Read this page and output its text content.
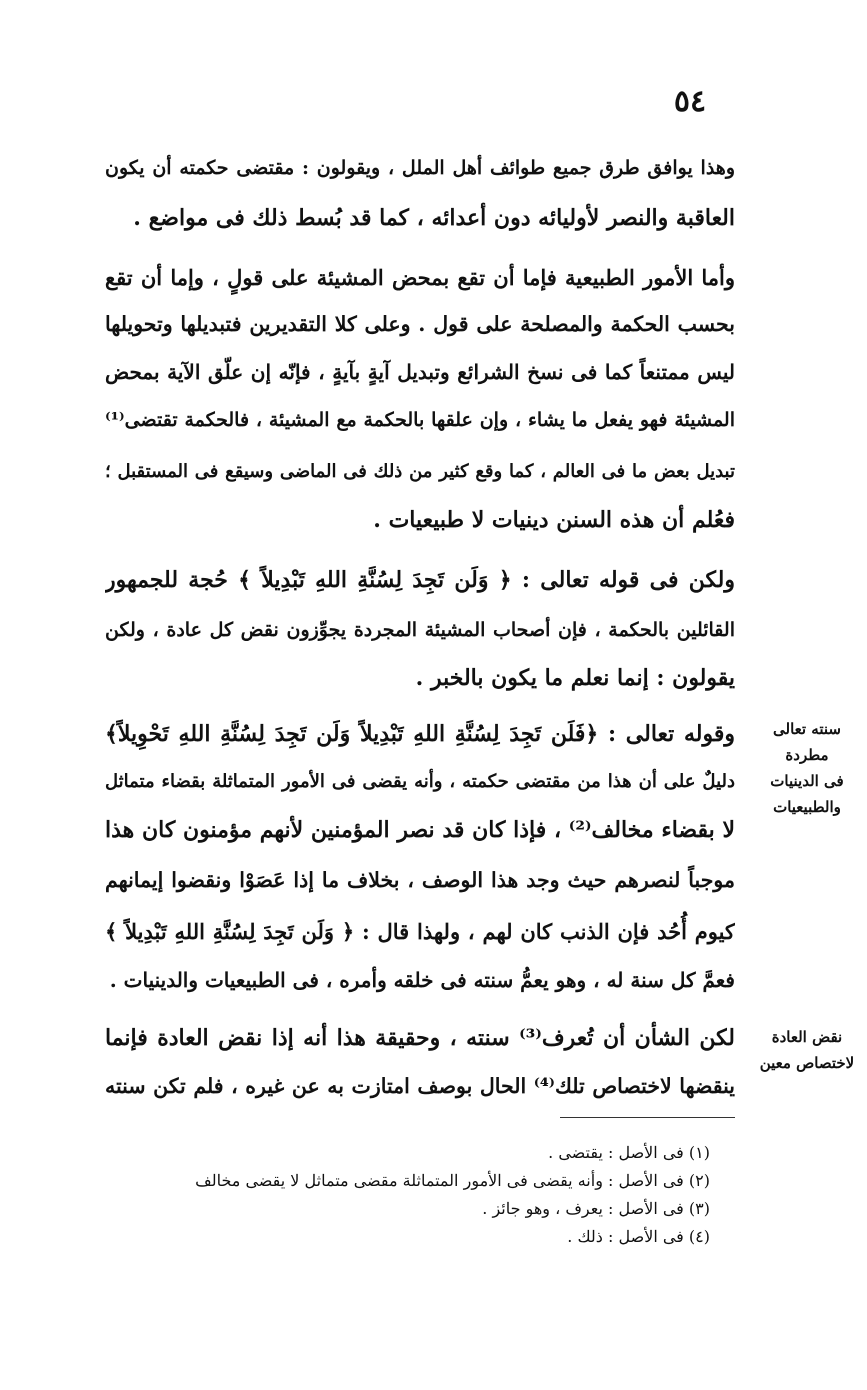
٥٤
وهذا يوافق طرق جميع طوائف أهل الملل ، ويقولون : مقتضى حكمته أن يكون
العاقبة والنصر لأوليائه دون أعدائه ، كما قد بُسط ذلك فى مواضع .
وأما الأمور الطبيعية فإما أن تقع بمحض المشيئة على قولٍ ، وإما أن تقع
بحسب الحكمة والمصلحة على قول . وعلى كلا التقديرين فتبديلها وتحويلها
ليس ممتنعاً كما فى نسخ الشرائع وتبديل آيةٍ بآيةٍ ، فإنّه إن علّق الآية بمحض
المشيئة فهو يفعل ما يشاء ، وإن علقها بالحكمة مع المشيئة ، فالحكمة تقتضى⁽¹⁾
تبديل بعض ما فى العالم ، كما وقع كثير من ذلك فى الماضى وسيقع فى المستقبل ؛
فعُلم أن هذه السنن دينيات لا طبيعيات .
ولكن فى قوله تعالى : ﴿ وَلَن تَجِدَ لِسُنَّةِ اللهِ تَبْدِيلاً ﴾ حُجة للجمهور
القائلين بالحكمة ، فإن أصحاب المشيئة المجردة يجوِّزون نقض كل عادة ، ولكن
يقولون : إنما نعلم ما يكون بالخبر .
وقوله تعالى : ﴿فَلَن تَجِدَ لِسُنَّةِ اللهِ تَبْدِيلاً وَلَن تَجِدَ لِسُنَّةِ اللهِ تَحْوِيلاً﴾
دليلٌ على أن هذا من مقتضى حكمته ، وأنه يقضى فى الأمور المتماثلة بقضاء متماثل
لا بقضاء مخالف⁽²⁾ ، فإذا كان قد نصر المؤمنين لأنهم مؤمنون كان هذا
موجباً لنصرهم حيث وجد هذا الوصف ، بخلاف ما إذا عَصَوْا ونقضوا إيمانهم
كيوم أُحُد فإن الذنب كان لهم ، ولهذا قال : ﴿ وَلَن تَجِدَ لِسُنَّةِ اللهِ تَبْدِيلاً ﴾
فعمَّ كل سنة له ، وهو يعمُّ سنته فى خلقه وأمره ، فى الطبيعيات والدينيات .
لكن الشأن أن تُعرف⁽³⁾ سنته ، وحقيقة هذا أنه إذا نقض العادة فإنما
ينقضها لاختصاص تلك⁽⁴⁾ الحال بوصف امتازت به عن غيره ، فلم تكن سنته
سنته تعالى مطردة
فى الدينيات
والطبيعيات
نقض العادة
لاختصاص معين
(١) فى الأصل : يقتضى .
(٢) فى الأصل : وأنه يقضى فى الأمور المتماثلة مقضى متماثل لا يقضى مخالف
(٣) فى الأصل : يعرف ، وهو جائز .
(٤) فى الأصل : ذلك .
